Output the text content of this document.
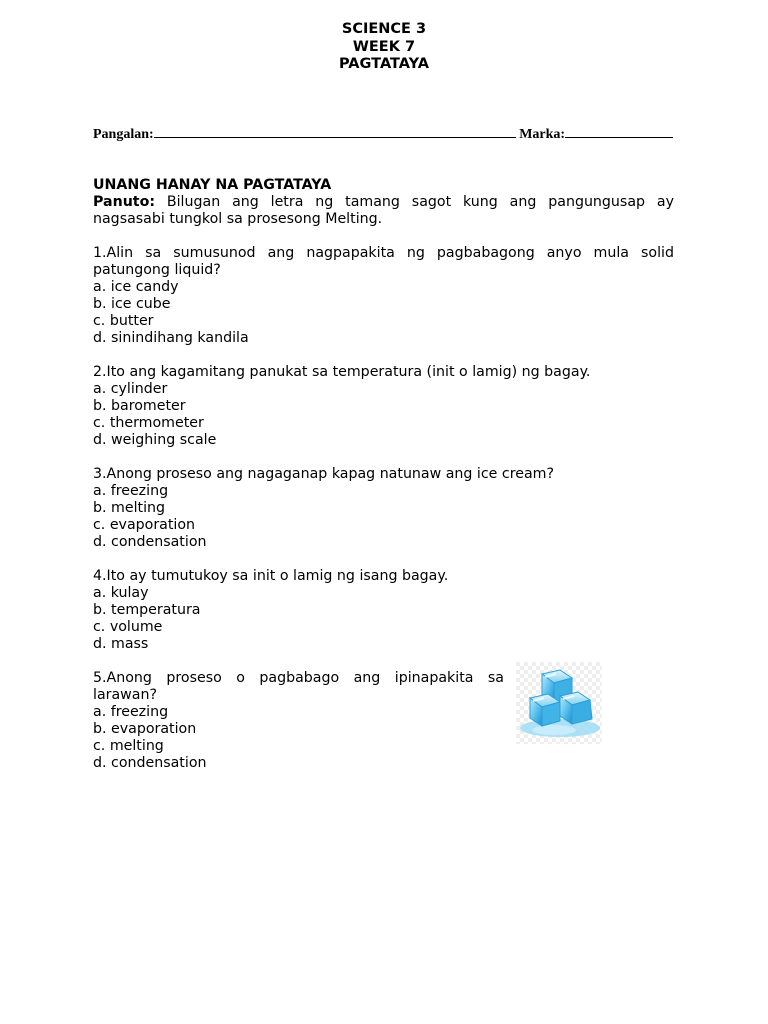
SCIENCE 3
WEEK 7
PAGTATAYA
Pangalan:	Marka:
UNANG HANAY NA PAGTATAYA
Panuto: Bilugan ang letra ng tamang sagot kung ang pangungusap ay nagsasabi tungkol sa prosesong Melting.
1.Alin sa sumusunod ang nagpapakita ng pagbabagong anyo mula solid patungong liquid?
a. ice candy
b. ice cube
c. butter
d. sinindihang kandila
2.Ito ang kagamitang panukat sa temperatura (init o lamig) ng bagay.
a. cylinder
b. barometer
c. thermometer
d. weighing scale
3.Anong proseso ang nagaganap kapag natunaw ang ice cream?
a. freezing
b. melting
c. evaporation
d. condensation
4.Ito ay tumutukoy sa init o lamig ng isang bagay.
a. kulay
b. temperatura
c. volume
d. mass
5.Anong proseso o pagbabago ang ipinapakita sa larawan?
a. freezing
b. evaporation
c. melting
d. condensation
